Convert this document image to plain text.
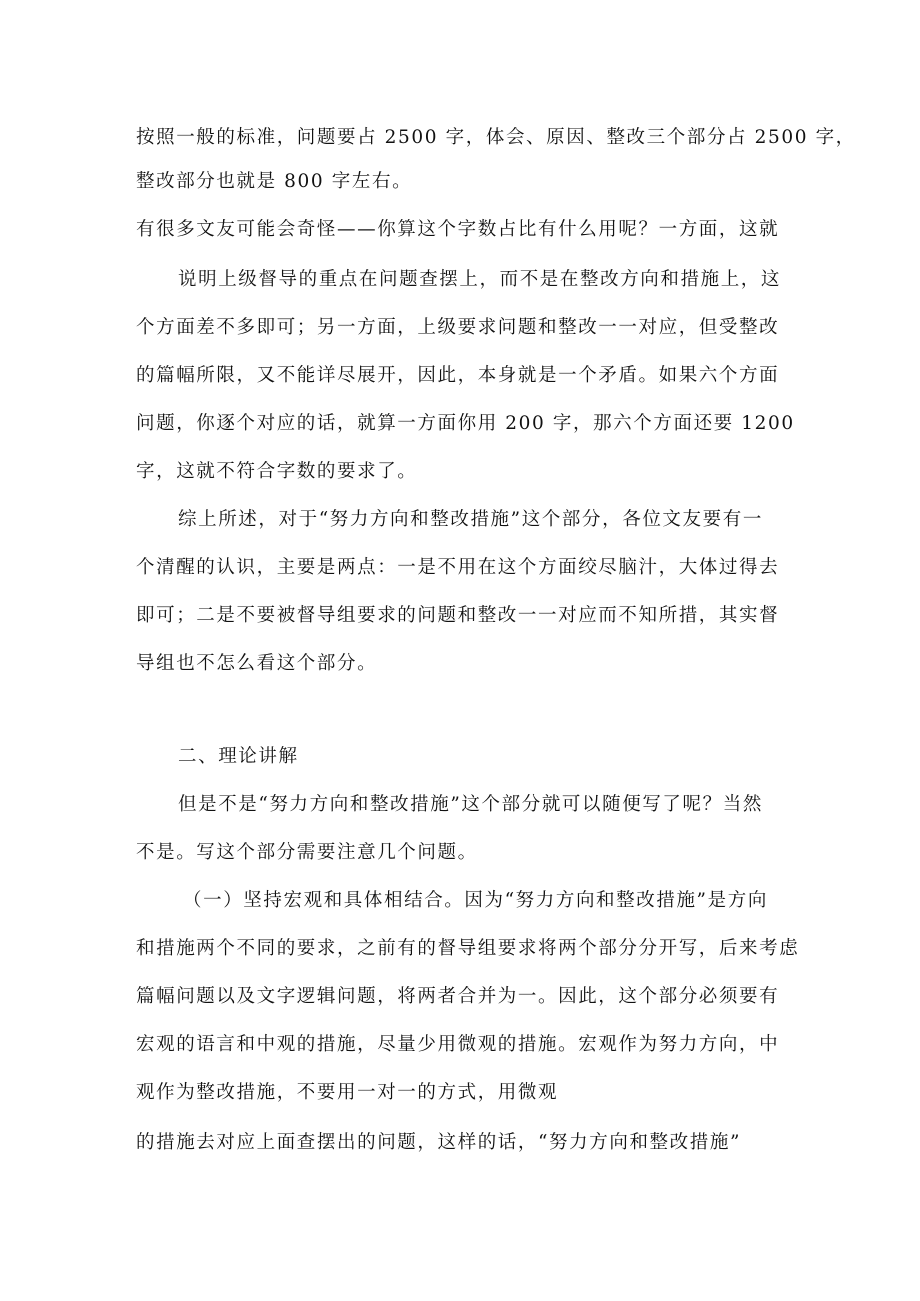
按照一般的标准，问题要占 2500 字，体会、原因、整改三个部分占 2500 字，
整改部分也就是 800 字左右。
有很多文友可能会奇怪——你算这个字数占比有什么用呢？一方面，这就
说明上级督导的重点在问题查摆上，而不是在整改方向和措施上，这
个方面差不多即可；另一方面，上级要求问题和整改一一对应，但受整改
的篇幅所限，又不能详尽展开，因此，本身就是一个矛盾。如果六个方面
问题，你逐个对应的话，就算一方面你用 200 字，那六个方面还要 1200
字，这就不符合字数的要求了。
综上所述，对于“努力方向和整改措施”这个部分，各位文友要有一
个清醒的认识，主要是两点：一是不用在这个方面绞尽脑汁，大体过得去
即可；二是不要被督导组要求的问题和整改一一对应而不知所措，其实督
导组也不怎么看这个部分。
二、理论讲解
但是不是“努力方向和整改措施”这个部分就可以随便写了呢？当然
不是。写这个部分需要注意几个问题。
（一）坚持宏观和具体相结合。因为“努力方向和整改措施”是方向
和措施两个不同的要求，之前有的督导组要求将两个部分分开写，后来考虑
篇幅问题以及文字逻辑问题，将两者合并为一。因此，这个部分必须要有
宏观的语言和中观的措施，尽量少用微观的措施。宏观作为努力方向，中
观作为整改措施，不要用一对一的方式，用微观
的措施去对应上面查摆出的问题，这样的话，“努力方向和整改措施”
